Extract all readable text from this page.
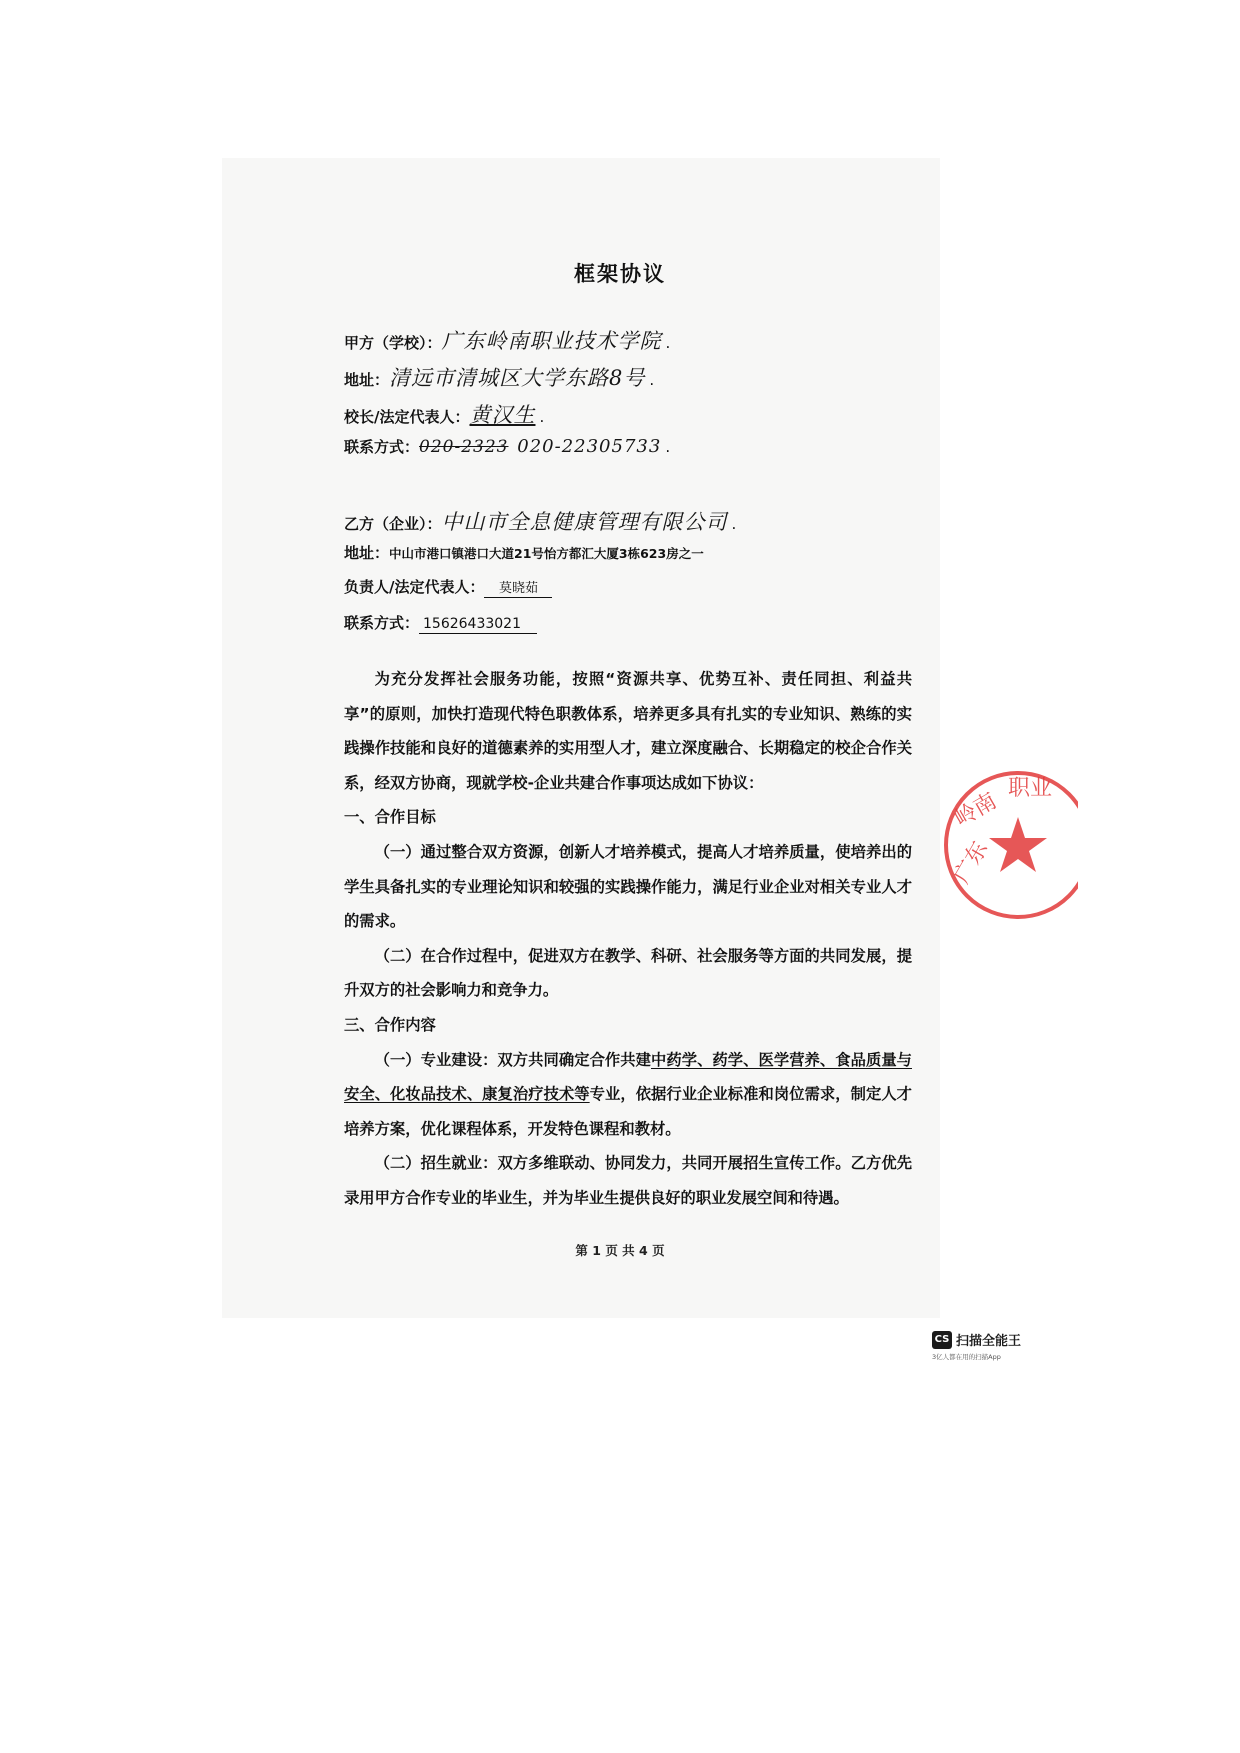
框架协议
甲方（学校）：广东岭南职业技术学院 .
地址：清远市清城区大学东路8号 .
校长/法定代表人：黄汉生 .
联系方式：020-2323 020-22305733 .
乙方（企业）：中山市全息健康管理有限公司 .
地址：中山市港口镇港口大道21号怡方都汇大厦3栋623房之一
负责人/法定代表人： 莫晓茹
联系方式： 15626433021

为充分发挥社会服务功能，按照“资源共享、优势互补、责任同担、利益共享”的原则，加快打造现代特色职教体系，培养更多具有扎实的专业知识、熟练的实践操作技能和良好的道德素养的实用型人才，建立深度融合、长期稳定的校企合作关系，经双方协商，现就学校-企业共建合作事项达成如下协议：

一、合作目标

（一）通过整合双方资源，创新人才培养模式，提高人才培养质量，使培养出的学生具备扎实的专业理论知识和较强的实践操作能力，满足行业企业对相关专业人才的需求。

（二）在合作过程中，促进双方在教学、科研、社会服务等方面的共同发展，提升双方的社会影响力和竞争力。

三、合作内容

（一）专业建设：双方共同确定合作共建中药学、药学、医学营养、食品质量与安全、化妆品技术、康复治疗技术等专业，依据行业企业标准和岗位需求，制定人才培养方案，优化课程体系，开发特色课程和教材。

（二）招生就业：双方多维联动、协同发力，共同开展招生宣传工作。乙方优先录用甲方合作专业的毕业生，并为毕业生提供良好的职业发展空间和待遇。

第 1 页 共 4 页
广东
岭南
职业
CS 扫描全能王
3亿人都在用的扫描App
